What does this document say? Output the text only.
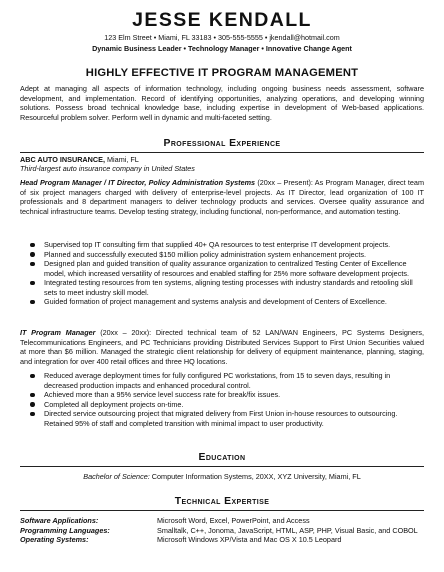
JESSE KENDALL
123 Elm Street • Miami, FL 33183 • 305-555-5555 • jkendall@hotmail.com
Dynamic Business Leader • Technology Manager • Innovative Change Agent
HIGHLY EFFECTIVE IT PROGRAM MANAGEMENT
Adept at managing all aspects of information technology, including ongoing business needs assessment, software development, and implementation. Record of identifying opportunities, analyzing operations, and developing winning solutions. Possess broad technical knowledge base, including expertise in development of Web-based applications. Resourceful problem solver. Perform well in dynamic and multi-faceted setting.
Professional Experience
ABC AUTO INSURANCE, Miami, FL
Third-largest auto insurance company in United States
Head Program Manager / IT Director, Policy Administration Systems (20xx – Present): As Program Manager, direct team of six project managers charged with delivery of enterprise-level projects. As IT Director, lead organization of 100 IT professionals and 8 department managers to deliver technology products and services. Oversee quality assurance and technical infrastructure teams. Develop testing strategy, including functional, non-performance, and automation testing.
Supervised top IT consulting firm that supplied 40+ QA resources to test enterprise IT development projects.
Planned and successfully executed $150 million policy administration system enhancement projects.
Designed plan and guided transition of quality assurance organization to centralized Testing Center of Excellence model, which increased versatility of resources and enabled staffing for 25% more software development projects.
Integrated testing resources from ten systems, aligning testing processes with industry standards and retooling skill sets to meet industry skill model.
Guided formation of project management and systems analysis and development of Centers of Excellence.
IT Program Manager (20xx – 20xx): Directed technical team of 52 LAN/WAN Engineers, PC Systems Designers, Telecommunications Engineers, and PC Technicians providing Distributed Services Support to First Union Securities valued at more than $6 million. Managed the strategic client relationship for delivery of equipment maintenance, planning, staging, and integration for over 400 retail offices and three HQ locations.
Reduced average deployment times for fully configured PC workstations, from 15 to seven days, resulting in decreased production impacts and enhanced procedural control.
Achieved more than a 95% service level success rate for break/fix issues.
Completed all deployment projects on-time.
Directed service outsourcing project that migrated delivery from First Union in-house resources to outsourcing. Retained 95% of staff and completed transition with minimal impact to user productivity.
Education
Bachelor of Science: Computer Information Systems, 20XX, XYZ University, Miami, FL
Technical Expertise
Software Applications:	Microsoft Word, Excel, PowerPoint, and Access
Programming Languages:	Smalltalk, C++, Jonoma, JavaScript, HTML, ASP, PHP, Visual Basic, and COBOL
Operating Systems:	Microsoft Windows XP/Vista and Mac OS X 10.5 Leopard
